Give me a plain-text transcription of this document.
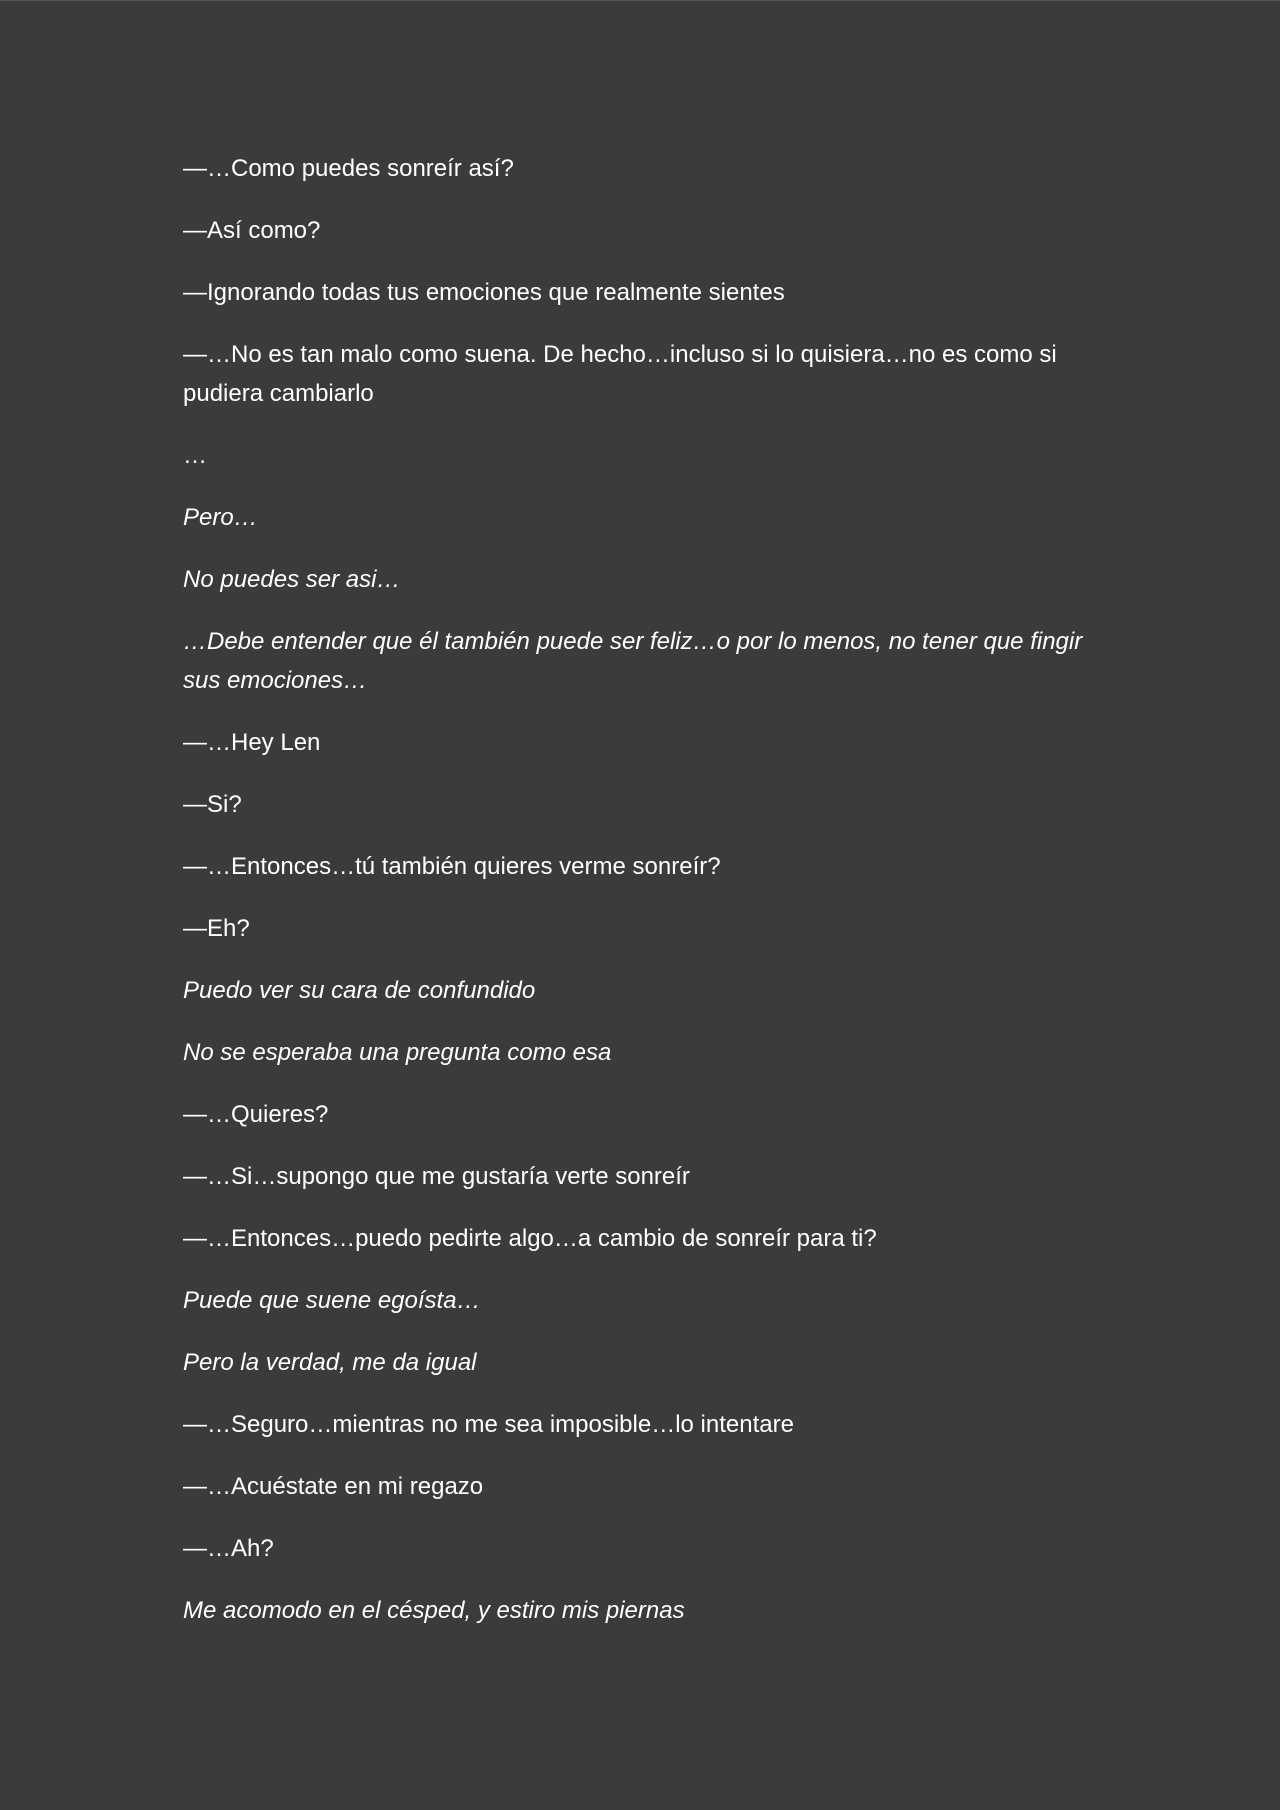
—…Como puedes sonreír así?

—Así como?

—Ignorando todas tus emociones que realmente sientes

—…No es tan malo como suena. De hecho…incluso si lo quisiera…no es como si pudiera cambiarlo

…

Pero…

No puedes ser asi…

…Debe entender que él también puede ser feliz…o por lo menos, no tener que fingir sus emociones…

—…Hey Len

—Si?

—…Entonces…tú también quieres verme sonreír?

—Eh?

Puedo ver su cara de confundido

No se esperaba una pregunta como esa

—…Quieres?

—…Si…supongo que me gustaría verte sonreír

—…Entonces…puedo pedirte algo…a cambio de sonreír para ti?

Puede que suene egoísta…

Pero la verdad, me da igual

—…Seguro…mientras no me sea imposible…lo intentare

—…Acuéstate en mi regazo

—…Ah?

Me acomodo en el césped, y estiro mis piernas
